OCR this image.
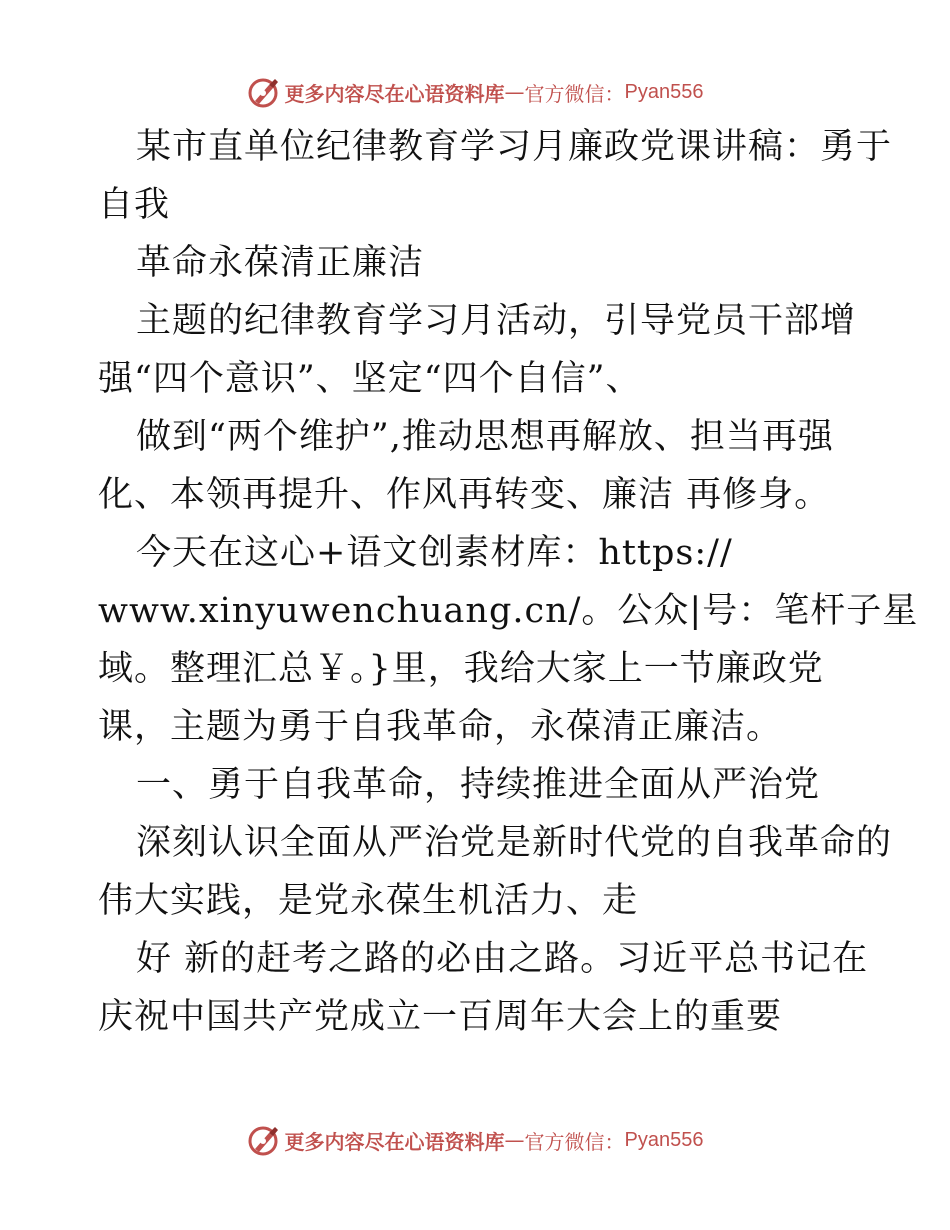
更多内容尽在心语资料库 — 官方微信： Pyan556
某市直单位纪律教育学习月廉政党课讲稿：勇于
自我
革命永葆清正廉洁
主题的纪律教育学习月活动，引导党员干部增
强“四个意识”、坚定“四个自信”、
做到“两个维护”,推动思想再解放、担当再强
化、本领再提升、作风再转变、廉洁 再修身。
今天在这心+语文创素材库：https://
www.xinyuwenchuang.cn/。公众|号：笔杆子星
域。整理汇总￥。}里，我给大家上一节廉政党
课，主题为勇于自我革命，永葆清正廉洁。
一、勇于自我革命，持续推进全面从严治党
深刻认识全面从严治党是新时代党的自我革命的
伟大实践，是党永葆生机活力、走
好 新的赶考之路的必由之路。习近平总书记在
庆祝中国共产党成立一百周年大会上的重要
更多内容尽在心语资料库 — 官方微信： Pyan556
